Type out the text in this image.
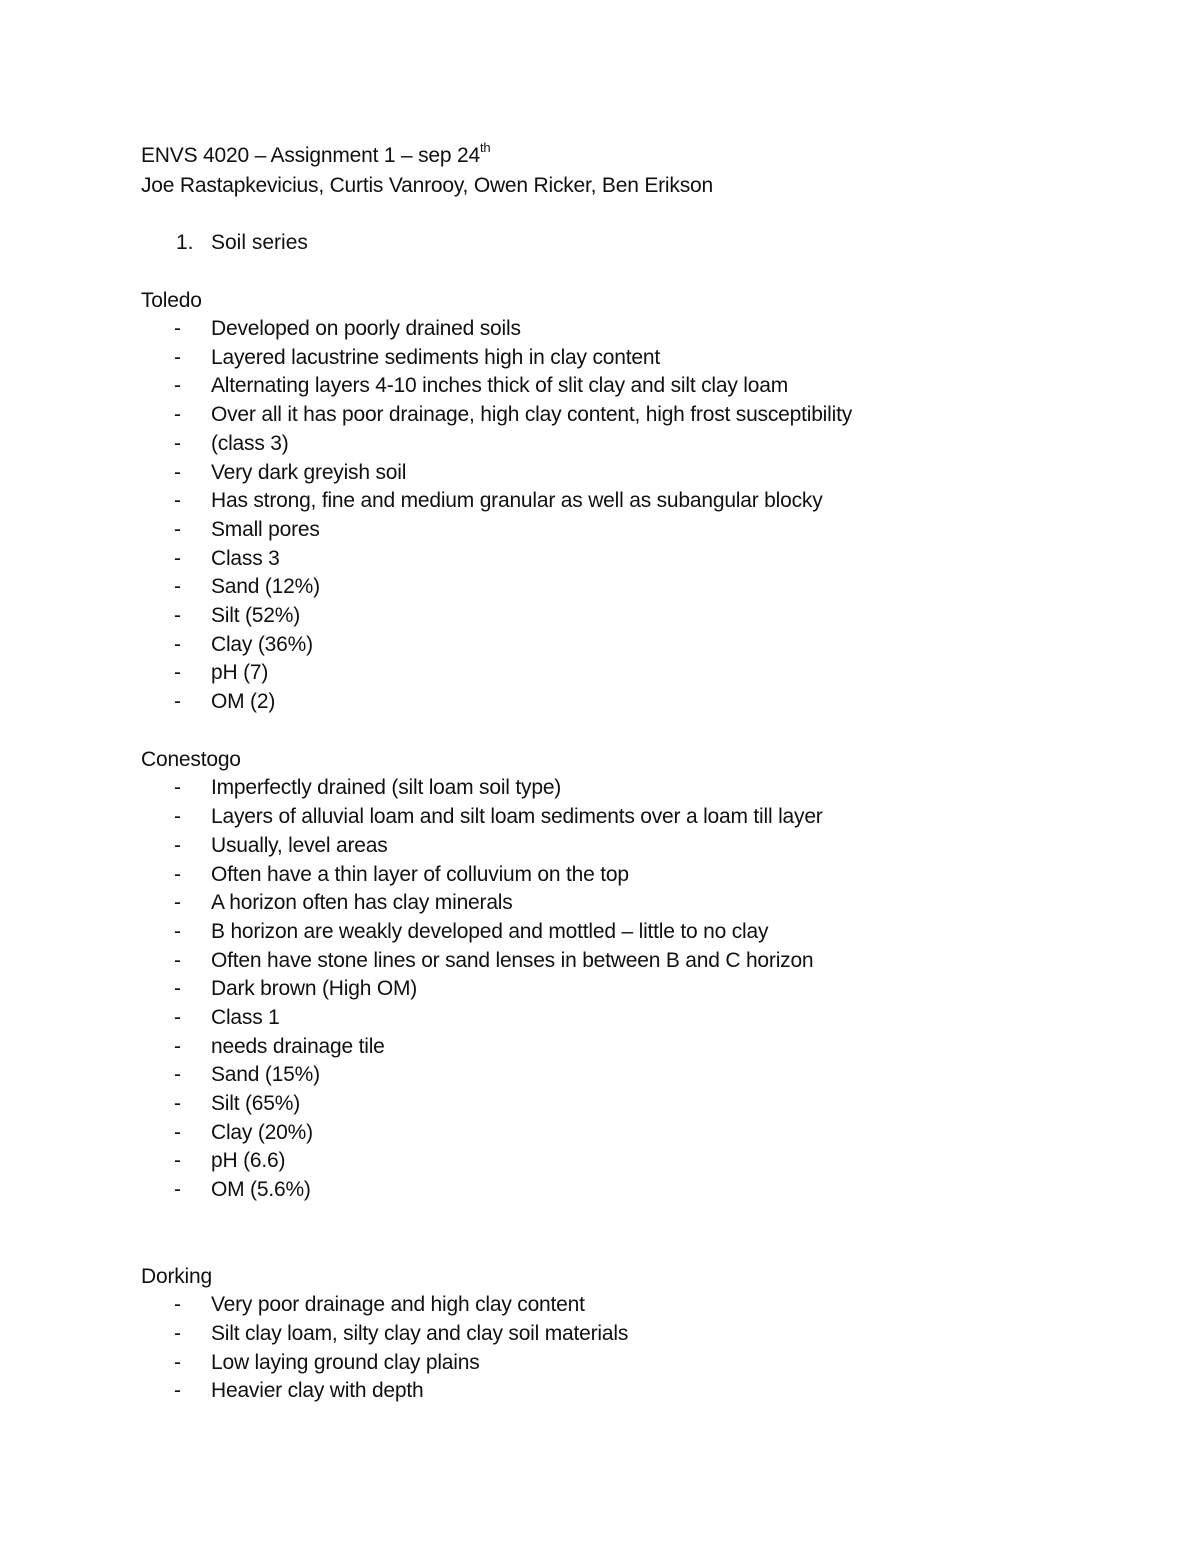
ENVS 4020 – Assignment 1 – sep 24th
Joe Rastapkevicius, Curtis Vanrooy, Owen Ricker, Ben Erikson
1. Soil series
Toledo
- Developed on poorly drained soils
- Layered lacustrine sediments high in clay content
- Alternating layers 4-10 inches thick of slit clay and silt clay loam
- Over all it has poor drainage, high clay content, high frost susceptibility
- (class 3)
- Very dark greyish soil
- Has strong, fine and medium granular as well as subangular blocky
- Small pores
- Class 3
- Sand (12%)
- Silt (52%)
- Clay (36%)
- pH (7)
- OM (2)
Conestogo
- Imperfectly drained (silt loam soil type)
- Layers of alluvial loam and silt loam sediments over a loam till layer
- Usually, level areas
- Often have a thin layer of colluvium on the top
- A horizon often has clay minerals
- B horizon are weakly developed and mottled – little to no clay
- Often have stone lines or sand lenses in between B and C horizon
- Dark brown (High OM)
- Class 1
- needs drainage tile
- Sand (15%)
- Silt (65%)
- Clay (20%)
- pH (6.6)
- OM (5.6%)
Dorking
- Very poor drainage and high clay content
- Silt clay loam, silty clay and clay soil materials
- Low laying ground clay plains
- Heavier clay with depth
